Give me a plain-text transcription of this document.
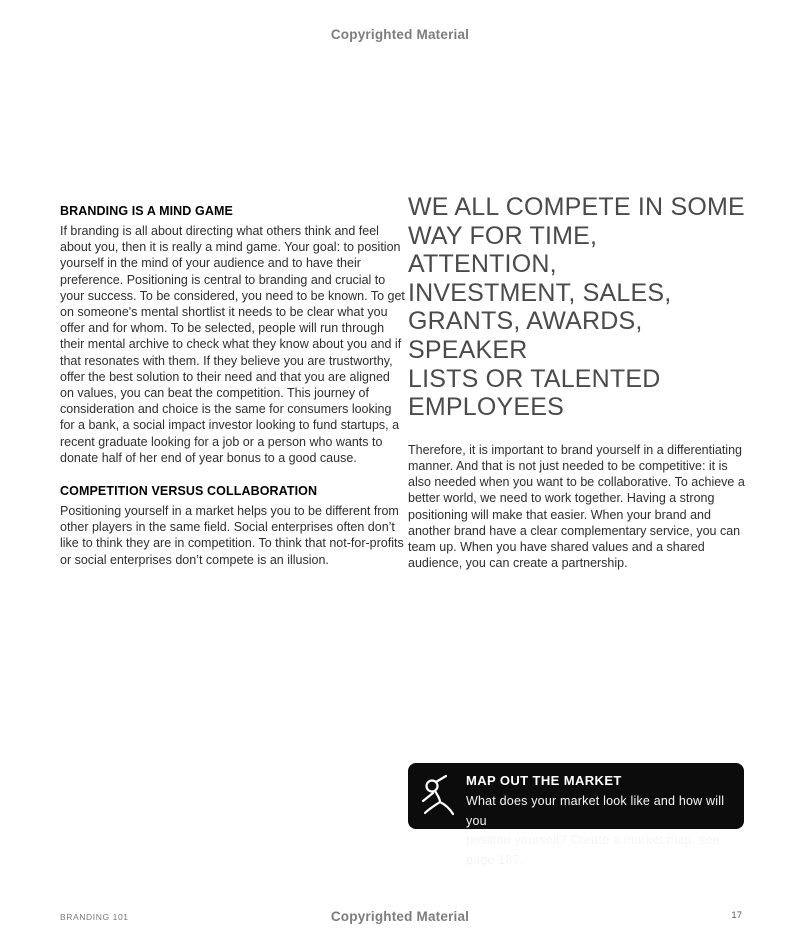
Copyrighted Material
BRANDING IS A MIND GAME

If branding is all about directing what others think and feel about you, then it is really a mind game. Your goal: to position yourself in the mind of your audience and to have their preference. Positioning is central to branding and crucial to your success. To be considered, you need to be known. To get on someone's mental shortlist it needs to be clear what you offer and for whom. To be selected, people will run through their mental archive to check what they know about you and if that resonates with them. If they believe you are trustworthy, offer the best solution to their need and that you are aligned on values, you can beat the competition. This journey of consideration and choice is the same for consumers looking for a bank, a social impact investor looking to fund startups, a recent graduate looking for a job or a person who wants to donate half of her end of year bonus to a good cause.

COMPETITION VERSUS COLLABORATION

Positioning yourself in a market helps you to be different from other players in the same field. Social enterprises often don’t like to think they are in competition. To think that not-for-profits or social enterprises don’t compete is an illusion.

WE ALL COMPETE IN SOME
WAY FOR TIME, ATTENTION,
INVESTMENT, SALES,
GRANTS, AWARDS, SPEAKER
LISTS OR TALENTED
EMPLOYEES

Therefore, it is important to brand yourself in a differentiating manner. And that is not just needed to be competitive: it is also needed when you want to be collaborative. To achieve a better world, we need to work together. Having a strong positioning will make that easier. When your brand and another brand have a clear complementary service, you can team up. When you have shared values and a shared audience, you can create a partnership.

MAP OUT THE MARKET
What does your market look like and how will you
position yourself? Create a market map, see page 187.
BRANDING 101	Copyrighted Material	17
